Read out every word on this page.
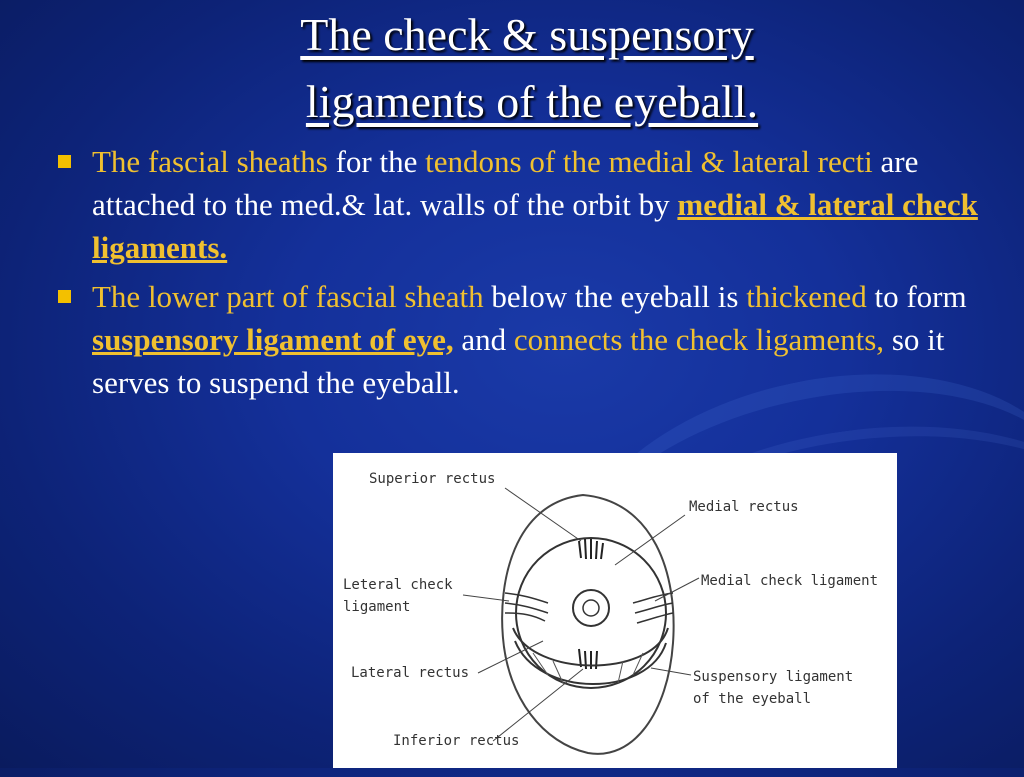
The check & suspensory
ligaments of the eyeball.
The fascial sheaths for the tendons of the medial & lateral recti are attached to the med.& lat. walls of the orbit by medial & lateral check ligaments.
The lower part of fascial sheath below the eyeball is thickened to form suspensory ligament of eye, and connects the check ligaments, so it serves to suspend the eyeball.
Superior rectus
Medial rectus
Leteral check
ligament
Medial check ligament
Lateral rectus	Suspensory ligament
of the eyeball
Inferior rectus
